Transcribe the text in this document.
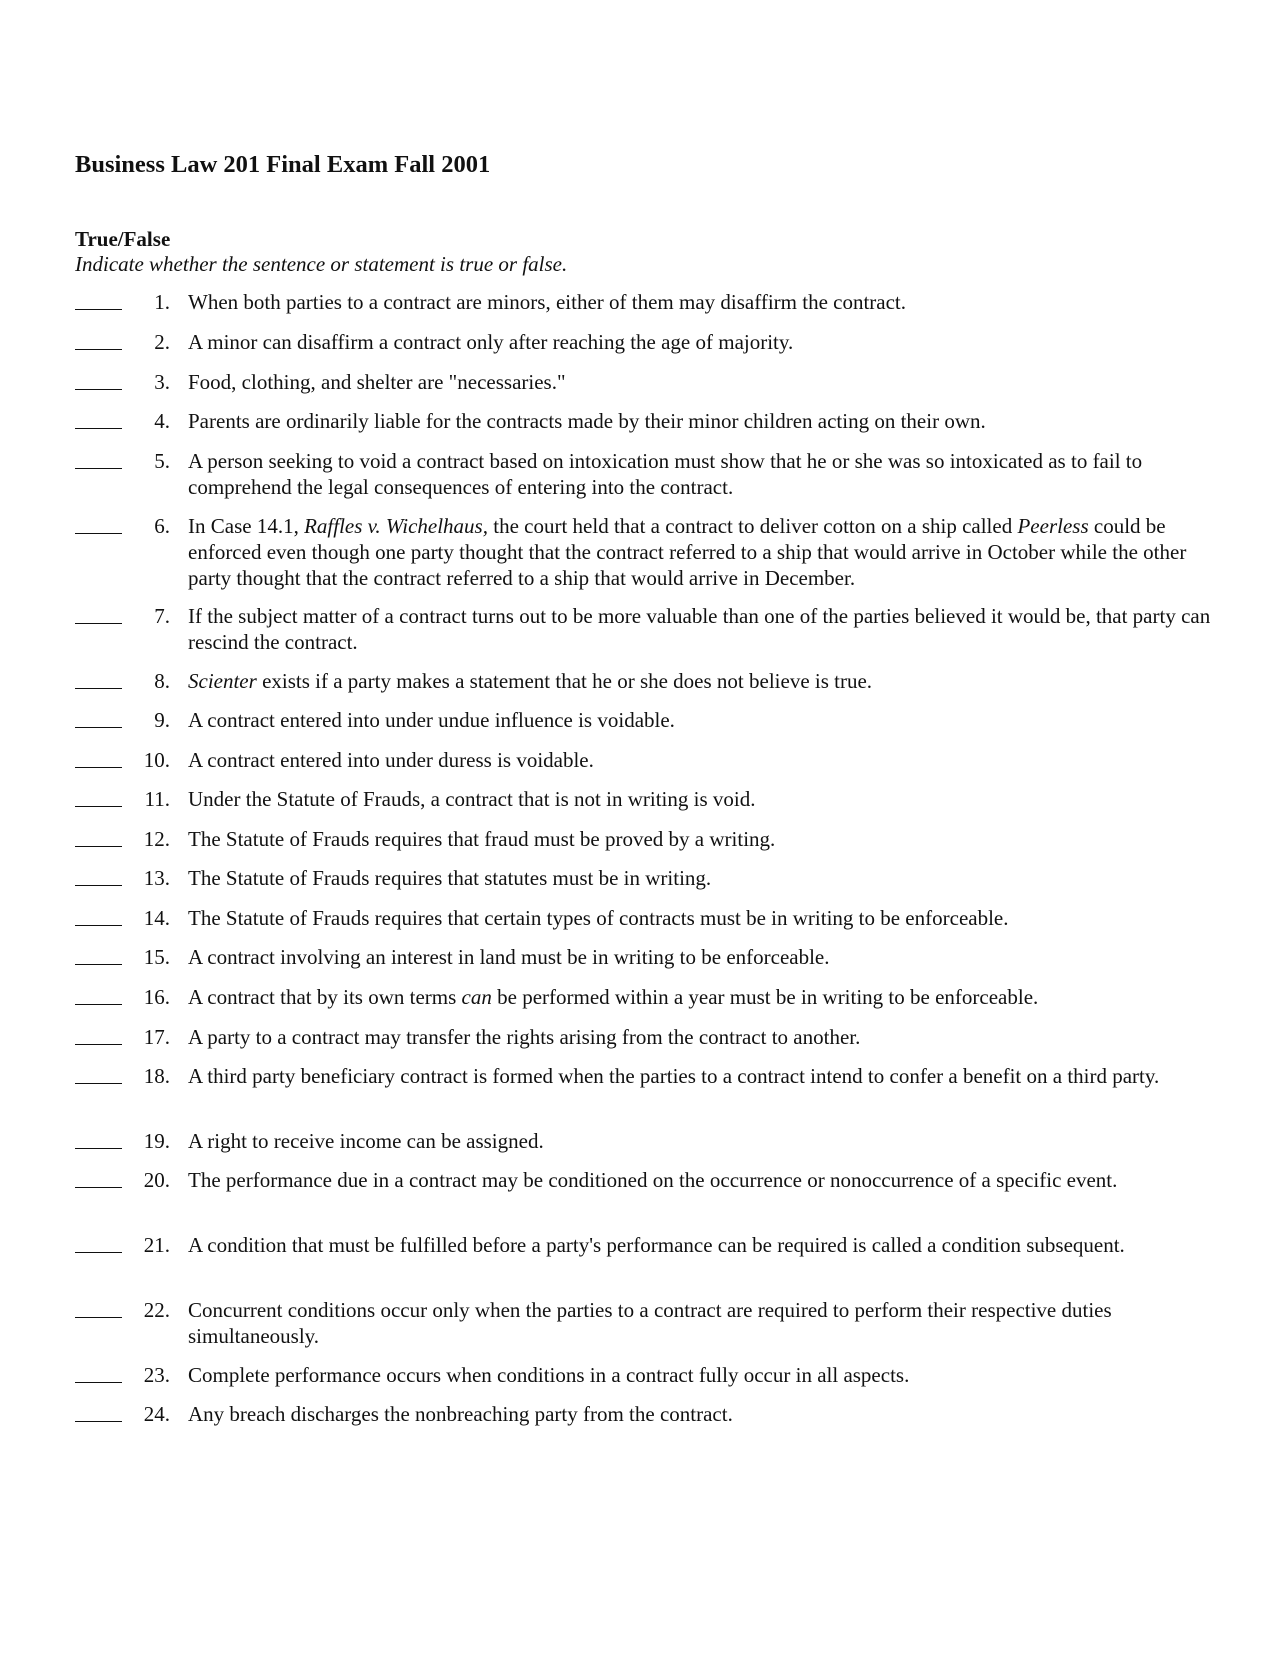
Business Law 201 Final Exam Fall 2001
True/False

Indicate whether the sentence or statement is true or false.

1. When both parties to a contract are minors, either of them may disaffirm the contract.
2. A minor can disaffirm a contract only after reaching the age of majority.
3. Food, clothing, and shelter are "necessaries."
4. Parents are ordinarily liable for the contracts made by their minor children acting on their own.
5. A person seeking to void a contract based on intoxication must show that he or she was so intoxicated as to fail to comprehend the legal consequences of entering into the contract.
6. In Case 14.1, Raffles v. Wichelhaus, the court held that a contract to deliver cotton on a ship called Peerless could be enforced even though one party thought that the contract referred to a ship that would arrive in October while the other party thought that the contract referred to a ship that would arrive in December.
7. If the subject matter of a contract turns out to be more valuable than one of the parties believed it would be, that party can rescind the contract.
8. Scienter exists if a party makes a statement that he or she does not believe is true.
9. A contract entered into under undue influence is voidable.
10. A contract entered into under duress is voidable.
11. Under the Statute of Frauds, a contract that is not in writing is void.
12. The Statute of Frauds requires that fraud must be proved by a writing.
13. The Statute of Frauds requires that statutes must be in writing.
14. The Statute of Frauds requires that certain types of contracts must be in writing to be enforceable.
15. A contract involving an interest in land must be in writing to be enforceable.
16. A contract that by its own terms can be performed within a year must be in writing to be enforceable.
17. A party to a contract may transfer the rights arising from the contract to another.
18. A third party beneficiary contract is formed when the parties to a contract intend to confer a benefit on a third party.
19. A right to receive income can be assigned.
20. The performance due in a contract may be conditioned on the occurrence or nonoccurrence of a specific event.
21. A condition that must be fulfilled before a party's performance can be required is called a condition subsequent.
22. Concurrent conditions occur only when the parties to a contract are required to perform their respective duties simultaneously.
23. Complete performance occurs when conditions in a contract fully occur in all aspects.
24. Any breach discharges the nonbreaching party from the contract.
